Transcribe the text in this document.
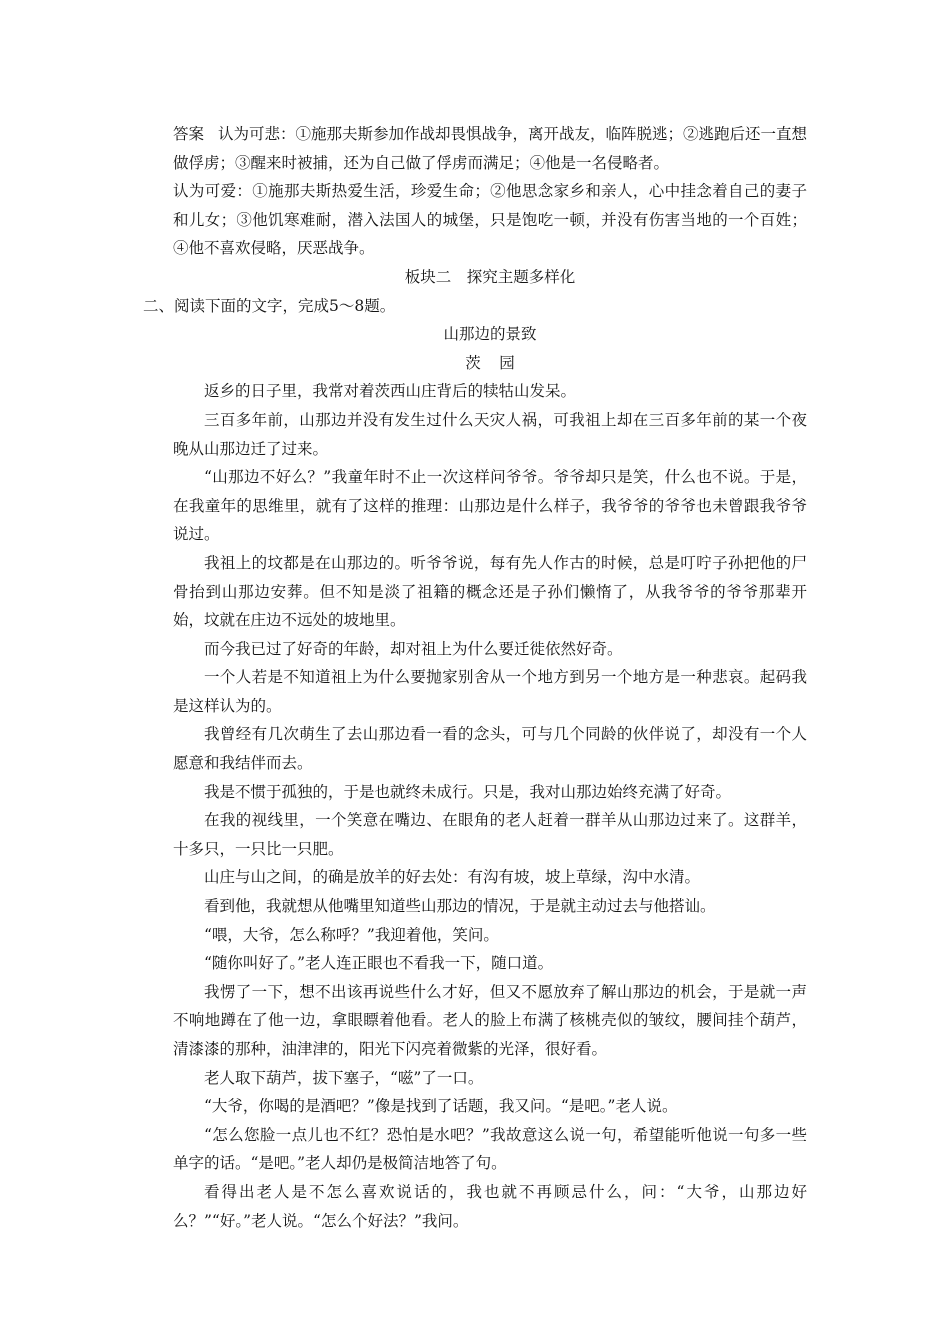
答案 认为可悲：①施那夫斯参加作战却畏惧战争，离开战友，临阵脱逃；②逃跑后还一直想做俘虏；③醒来时被捕，还为自己做了俘虏而满足；④他是一名侵略者。

认为可爱：①施那夫斯热爱生活，珍爱生命；②他思念家乡和亲人，心中挂念着自己的妻子和儿女；③他饥寒难耐，潜入法国人的城堡，只是饱吃一顿，并没有伤害当地的一个百姓；④他不喜欢侵略，厌恶战争。

板块二　探究主题多样化

二、阅读下面的文字，完成5～8题。

山那边的景致

茨园

返乡的日子里，我常对着茨西山庄背后的犊牯山发呆。

三百多年前，山那边并没有发生过什么天灾人祸，可我祖上却在三百多年前的某一个夜晚从山那边迁了过来。

“山那边不好么？”我童年时不止一次这样问爷爷。爷爷却只是笑，什么也不说。于是，在我童年的思维里，就有了这样的推理：山那边是什么样子，我爷爷的爷爷也未曾跟我爷爷说过。

我祖上的坟都是在山那边的。听爷爷说，每有先人作古的时候，总是叮咛子孙把他的尸骨抬到山那边安葬。但不知是淡了祖籍的概念还是子孙们懒惰了，从我爷爷的爷爷那辈开始，坟就在庄边不远处的坡地里。

而今我已过了好奇的年龄，却对祖上为什么要迁徙依然好奇。

一个人若是不知道祖上为什么要抛家别舍从一个地方到另一个地方是一种悲哀。起码我是这样认为的。

我曾经有几次萌生了去山那边看一看的念头，可与几个同龄的伙伴说了，却没有一个人愿意和我结伴而去。

我是不惯于孤独的，于是也就终未成行。只是，我对山那边始终充满了好奇。

在我的视线里，一个笑意在嘴边、在眼角的老人赶着一群羊从山那边过来了。这群羊，十多只，一只比一只肥。

山庄与山之间，的确是放羊的好去处：有沟有坡，坡上草绿，沟中水清。

看到他，我就想从他嘴里知道些山那边的情况，于是就主动过去与他搭讪。

“喂，大爷，怎么称呼？”我迎着他，笑问。

“随你叫好了。”老人连正眼也不看我一下，随口道。

我愣了一下，想不出该再说些什么才好，但又不愿放弃了解山那边的机会，于是就一声不响地蹲在了他一边，拿眼瞟着他看。老人的脸上布满了核桃壳似的皱纹，腰间挂个葫芦，清漆漆的那种，油津津的，阳光下闪亮着微紫的光泽，很好看。

老人取下葫芦，拔下塞子，“嗞”了一口。

“大爷，你喝的是酒吧？”像是找到了话题，我又问。“是吧。”老人说。

“怎么您脸一点儿也不红？恐怕是水吧？”我故意这么说一句，希望能听他说一句多一些单字的话。“是吧。”老人却仍是极简洁地答了句。

看得出老人是不怎么喜欢说话的，我也就不再顾忌什么，问：“大爷，山那边好么？”“好。”老人说。“怎么个好法？”我问。
